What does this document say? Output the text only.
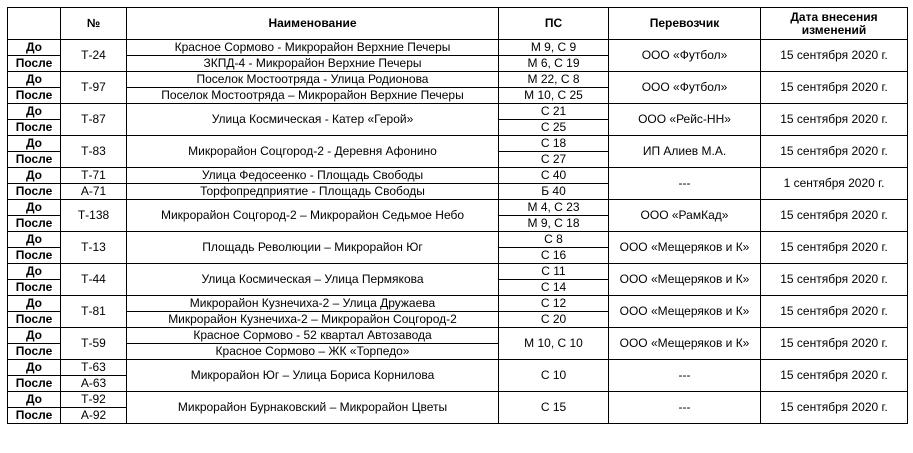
	№	Наименование	ПС	Перевозчик	Дата внесения изменений
До	Т-24	Красное Сормово - Микрорайон Верхние Печеры	М 9, С 9	ООО «Футбол»	15 сентября 2020 г.
После		ЗКПД-4 - Микрорайон Верхние Печеры	М 6, С 19		
До	Т-97	Поселок Мостоотряда - Улица Родионова	М 22, С 8	ООО «Футбол»	15 сентября 2020 г.
После		Поселок Мостоотряда – Микрорайон Верхние Печеры	М 10, С 25		
До	Т-87	Улица Космическая - Катер «Герой»	С 21	ООО «Рейс-НН»	15 сентября 2020 г.
После			С 25		
До	Т-83	Микрорайон Соцгород-2 - Деревня Афонино	С 18	ИП Алиев М.А.	15 сентября 2020 г.
После			С 27		
До	Т-71	Улица Федосеенко - Площадь Свободы	С 40	---	1 сентября 2020 г.
После	А-71	Торфопредприятие - Площадь Свободы	Б 40		
До	Т-138	Микрорайон Соцгород-2 – Микрорайон Седьмое Небо	М 4, С 23	ООО «РамКад»	15 сентября 2020 г.
После			М 9, С 18		
До	Т-13	Площадь Революции – Микрорайон Юг	С 8	ООО «Мещеряков и К»	15 сентября 2020 г.
После			С 16		
До	Т-44	Улица Космическая – Улица Пермякова	С 11	ООО «Мещеряков и К»	15 сентября 2020 г.
После			С 14		
До	Т-81	Микрорайон Кузнечиха-2 – Улица Дружаева	С 12	ООО «Мещеряков и К»	15 сентября 2020 г.
После		Микрорайон Кузнечиха-2 – Микрорайон Соцгород-2	С 20		
До	Т-59	Красное Сормово - 52 квартал Автозавода	М 10, С 10	ООО «Мещеряков и К»	15 сентября 2020 г.
После		Красное Сормово – ЖК «Торпедо»			
До	Т-63	Микрорайон Юг – Улица Бориса Корнилова	С 10	---	15 сентября 2020 г.
После	А-63				
До	Т-92	Микрорайон Бурнаковский – Микрорайон Цветы	С 15	---	15 сентября 2020 г.
После	А-92				
